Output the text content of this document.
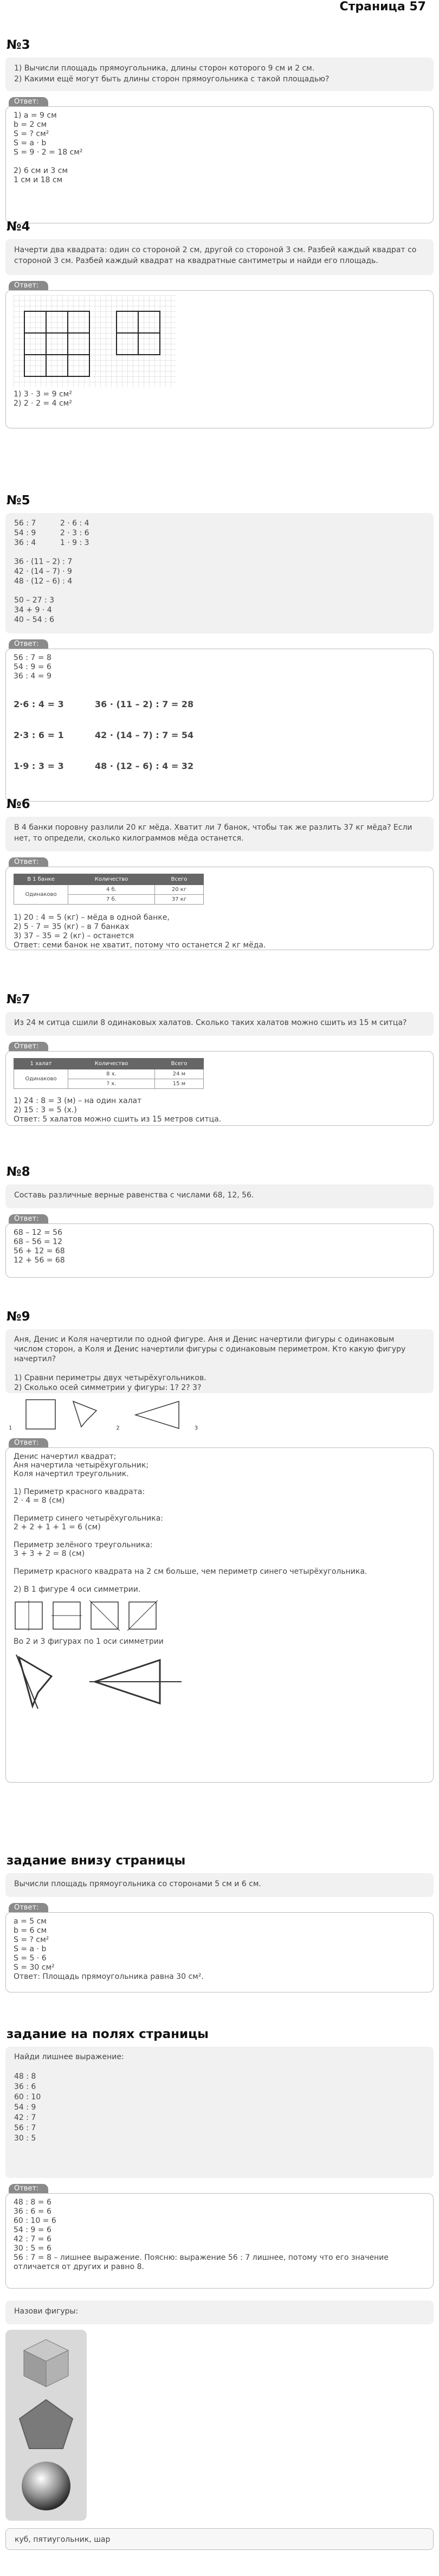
Страница 57
№3
1) Вычисли площадь прямоугольника, длины сторон которого 9 см и 2 см.
2) Какими ещё могут быть длины сторон прямоугольника с такой площадью?
Ответ:
1) a = 9 см
b = 2 см
S = ? см²
S = a · b
S = 9 · 2 = 18 см²
2) 6 см и 3 см
1 см и 18 см
№4
Начерти два квадрата: один со стороной 2 см, другой со стороной 3 см. Разбей каждый квадрат со
стороной 3 см. Разбей каждый квадрат на квадратные сантиметры и найди его площадь.
Ответ:
1) 3 · 3 = 9 см²
2) 2 · 2 = 4 см²
№5
56 : 7          2 · 6 : 4
54 : 9          2 · 3 : 6
36 : 4          1 · 9 : 3
36 · (11 – 2) : 7
42 · (14 – 7) · 9
48 · (12 – 6) : 4
50 – 27 : 3
34 + 9 · 4
40 – 54 : 6
Ответ:
56 : 7 = 8
54 : 9 = 6
36 : 4 = 9
2·6 : 4 = 3	36 · (11 – 2) : 7 = 28
2·3 : 6 = 1	42 · (14 – 7) : 7 = 54
1·9 : 3 = 3	48 · (12 – 6) : 4 = 32
№6
В 4 банки поровну разлили 20 кг мёда. Хватит ли 7 банок, чтобы так же разлить 37 кг мёда? Если
нет, то определи, сколько килограммов мёда останется.
Ответ:
В 1 банке	Количество	Всего
Одинаково	4 б.	20 кг
	7 б.	37 кг
1) 20 : 4 = 5 (кг) – мёда в одной банке,
2) 5 · 7 = 35 (кг) – в 7 банках
3) 37 – 35 = 2 (кг) – останется
Ответ: семи банок не хватит, потому что останется 2 кг мёда.
№7
Из 24 м ситца сшили 8 одинаковых халатов. Сколько таких халатов можно сшить из 15 м ситца?
Ответ:
1 халат	Количество	Всего
Одинаково	8 х.	24 м
	? х.	15 м
1) 24 : 8 = 3 (м) – на один халат
2) 15 : 3 = 5 (х.)
Ответ: 5 халатов можно сшить из 15 метров ситца.
№8
Составь различные верные равенства с числами 68, 12, 56.
Ответ:
68 – 12 = 56
68 – 56 = 12
56 + 12 = 68
12 + 56 = 68
№9
Аня, Денис и Коля начертили по одной фигуре. Аня и Денис начертили фигуры с одинаковым
числом сторон, а Коля и Денис начертили фигуры с одинаковым периметром. Кто какую фигуру
начертил?
1) Сравни периметры двух четырёхугольников.
2) Сколько осей симметрии у фигуры: 1? 2? 3?
1	2	3
Ответ:
Денис начертил квадрат;
Аня начертила четырёхугольник;
Коля начертил треугольник.
1) Периметр красного квадрата:
2 · 4 = 8 (см)
Периметр синего четырёхугольника:
2 + 2 + 1 + 1 = 6 (см)
Периметр зелёного треугольника:
3 + 3 + 2 = 8 (см)
Периметр красного квадрата на 2 см больше, чем периметр синего четырёхугольника.
2) В 1 фигуре 4 оси симметрии.
Во 2 и 3 фигурах по 1 оси симметрии
задание внизу страницы
Вычисли площадь прямоугольника со сторонами 5 см и 6 см.
Ответ:
a = 5 см
b = 6 см
S = ? см²
S = a · b
S = 5 · 6
S = 30 см²
Ответ: Площадь прямоугольника равна 30 см².
задание на полях страницы
Найди лишнее выражение:
48 : 8
36 : 6
60 : 10
54 : 9
42 : 7
56 : 7
30 : 5
Ответ:
48 : 8 = 6
36 : 6 = 6
60 : 10 = 6
54 : 9 = 6
42 : 7 = 6
30 : 5 = 6
56 : 7 = 8 – лишнее выражение. Поясню: выражение 56 : 7 лишнее, потому что его значение
отличается от других и равно 8.
Назови фигуры:

куб, пятиугольник, шар
